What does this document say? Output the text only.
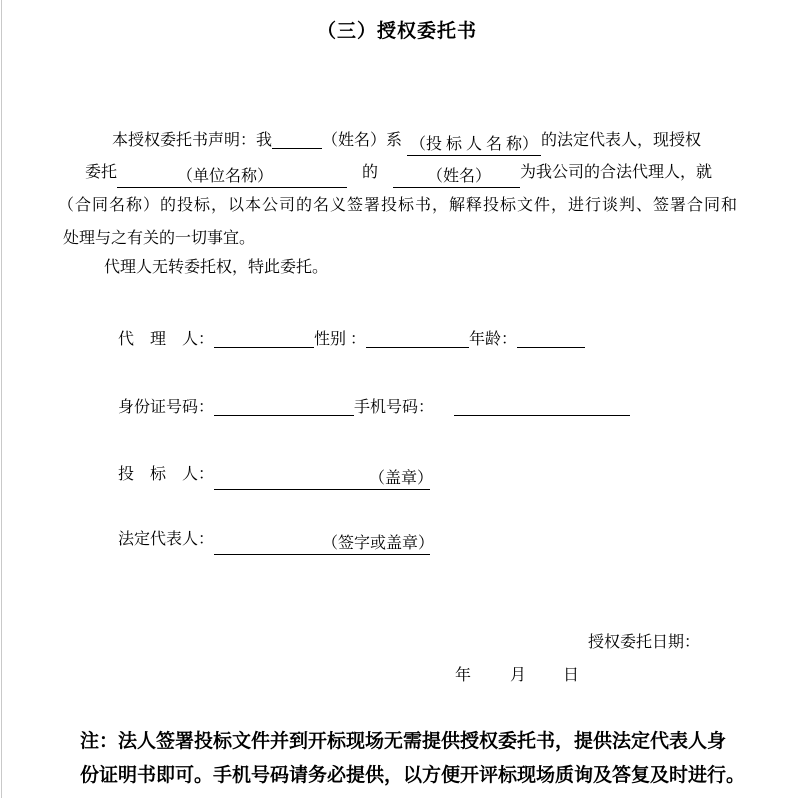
（三）授权委托书
本授权委托书声明：我	（姓名）系 （投 标 人 名 称） 的法定代表人，现授权
委托	（单位名称）	的	（姓名） 为我公司的合法代理人，就
（合同名称）的投标，以本公司的名义签署投标书，解释投标文件，进行谈判、签署合同和
处理与之有关的一切事宜。
代理人无转委托权，特此委托。
代　理　人：	性别 ：	年龄：
身份证号码：	手机号码：
投　标　人：	（盖章）
法定代表人：	（签字或盖章）
授权委托日期：
年 月 日
注：法人签署投标文件并到开标现场无需提供授权委托书，提供法定代表人身
份证明书即可。手机号码请务必提供，以方便开评标现场质询及答复及时进行。
